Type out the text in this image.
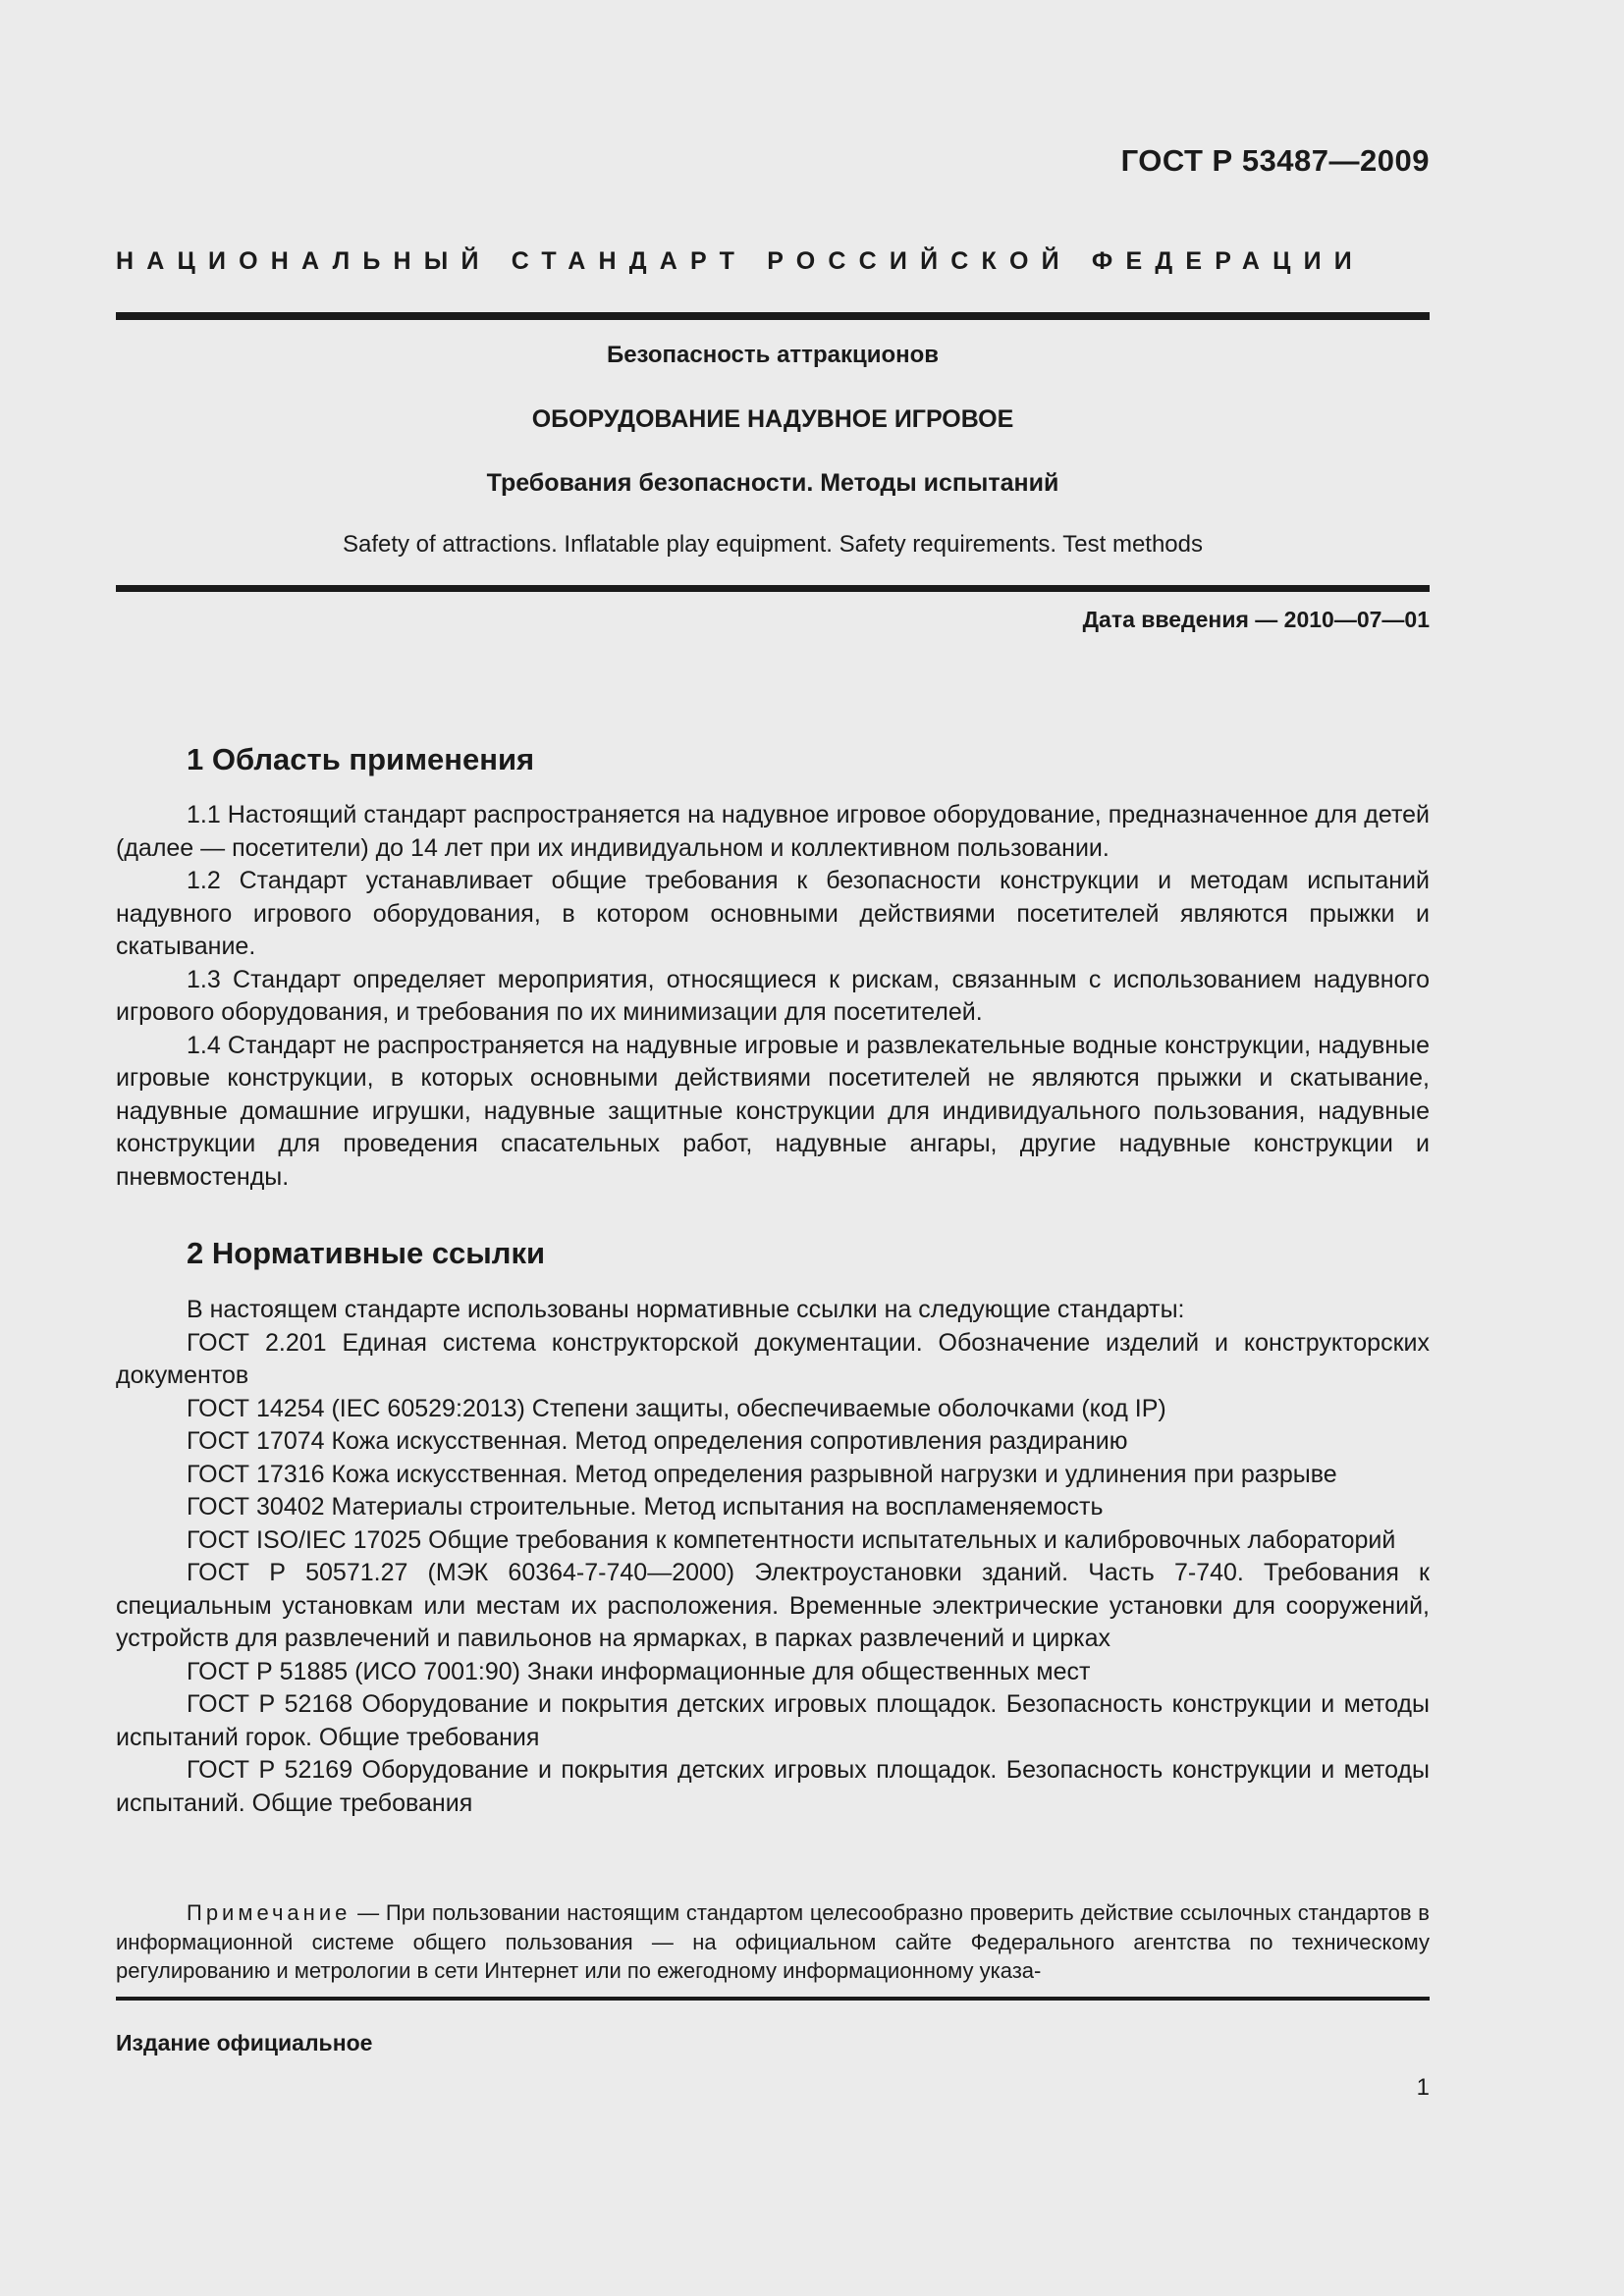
ГОСТ Р 53487—2009
НАЦИОНАЛЬНЫЙ СТАНДАРТ РОССИЙСКОЙ ФЕДЕРАЦИИ
Безопасность аттракционов
ОБОРУДОВАНИЕ НАДУВНОЕ ИГРОВОЕ
Требования безопасности. Методы испытаний
Safety of attractions. Inflatable play equipment. Safety requirements. Test methods
Дата введения — 2010—07—01
1 Область применения

1.1 Настоящий стандарт распространяется на надувное игровое оборудование, предназначенное для детей (далее — посетители) до 14 лет при их индивидуальном и коллективном пользовании.

1.2 Стандарт устанавливает общие требования к безопасности конструкции и методам испытаний надувного игрового оборудования, в котором основными действиями посетителей являются прыжки и скатывание.

1.3 Стандарт определяет мероприятия, относящиеся к рискам, связанным с использованием надувного игрового оборудования, и требования по их минимизации для посетителей.

1.4 Стандарт не распространяется на надувные игровые и развлекательные водные конструкции, надувные игровые конструкции, в которых основными действиями посетителей не являются прыжки и скатывание, надувные домашние игрушки, надувные защитные конструкции для индивидуального пользования, надувные конструкции для проведения спасательных работ, надувные ангары, другие надувные конструкции и пневмостенды.

2 Нормативные ссылки

В настоящем стандарте использованы нормативные ссылки на следующие стандарты:

ГОСТ 2.201 Единая система конструкторской документации. Обозначение изделий и конструкторских документов

ГОСТ 14254 (IEC 60529:2013) Степени защиты, обеспечиваемые оболочками (код IP)

ГОСТ 17074 Кожа искусственная. Метод определения сопротивления раздиранию

ГОСТ 17316 Кожа искусственная. Метод определения разрывной нагрузки и удлинения при разрыве

ГОСТ 30402 Материалы строительные. Метод испытания на воспламеняемость

ГОСТ ISO/IEC 17025 Общие требования к компетентности испытательных и калибровочных лабораторий

ГОСТ Р 50571.27 (МЭК 60364-7-740—2000) Электроустановки зданий. Часть 7-740. Требования к специальным установкам или местам их расположения. Временные электрические установки для сооружений, устройств для развлечений и павильонов на ярмарках, в парках развлечений и цирках

ГОСТ Р 51885 (ИСО 7001:90) Знаки информационные для общественных мест

ГОСТ Р 52168 Оборудование и покрытия детских игровых площадок. Безопасность конструкции и методы испытаний горок. Общие требования

ГОСТ Р 52169 Оборудование и покрытия детских игровых площадок. Безопасность конструкции и методы испытаний. Общие требования

Примечание — При пользовании настоящим стандартом целесообразно проверить действие ссылочных стандартов в информационной системе общего пользования — на официальном сайте Федерального агентства по техническому регулированию и метрологии в сети Интернет или по ежегодному информационному указа-
Издание официальное
1
